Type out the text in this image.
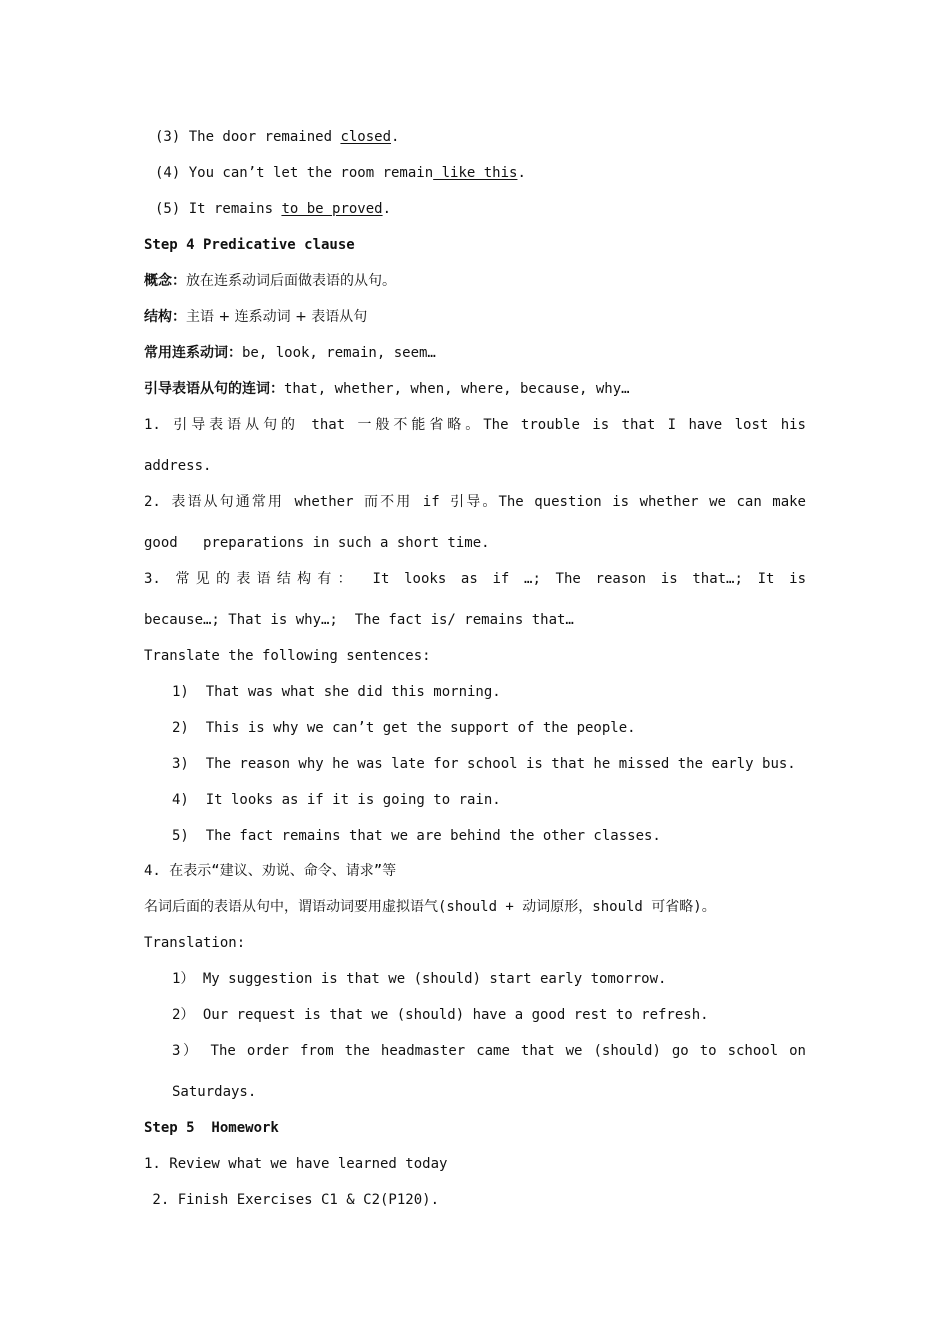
(3) The door remained closed.
(4) You can’t let the room remain like this.
(5) It remains to be proved.
Step 4 Predicative clause
概念：放在连系动词后面做表语的从句。
结构：主语 + 连系动词 + 表语从句
常用连系动词：be, look, remain, seem…
引导表语从句的连词：that, whether, when, where, because, why…
1. 引导表语从句的 that 一般不能省略。The trouble is that I have lost his
address.
2. 表语从句通常用 whether 而不用 if 引导。The question is whether we can make
good   preparations in such a short time.
3. 常见的表语结构有： It looks as if …; The reason is that…; It is
because…; That is why…;  The fact is/ remains that…
Translate the following sentences:
1)  That was what she did this morning.
2)  This is why we can’t get the support of the people.
3)  The reason why he was late for school is that he missed the early bus.
4)  It looks as if it is going to rain.
5)  The fact remains that we are behind the other classes.
4. 在表示“建议、劝说、命令、请求”等
名词后面的表语从句中，谓语动词要用虚拟语气(should + 动词原形，should 可省略)。
Translation:
1） My suggestion is that we (should) start early tomorrow.
2） Our request is that we (should) have a good rest to refresh.
3） The order from the headmaster came that we (should) go to school on
Saturdays.
Step 5  Homework
1. Review what we have learned today
2. Finish Exercises C1 & C2(P120).
